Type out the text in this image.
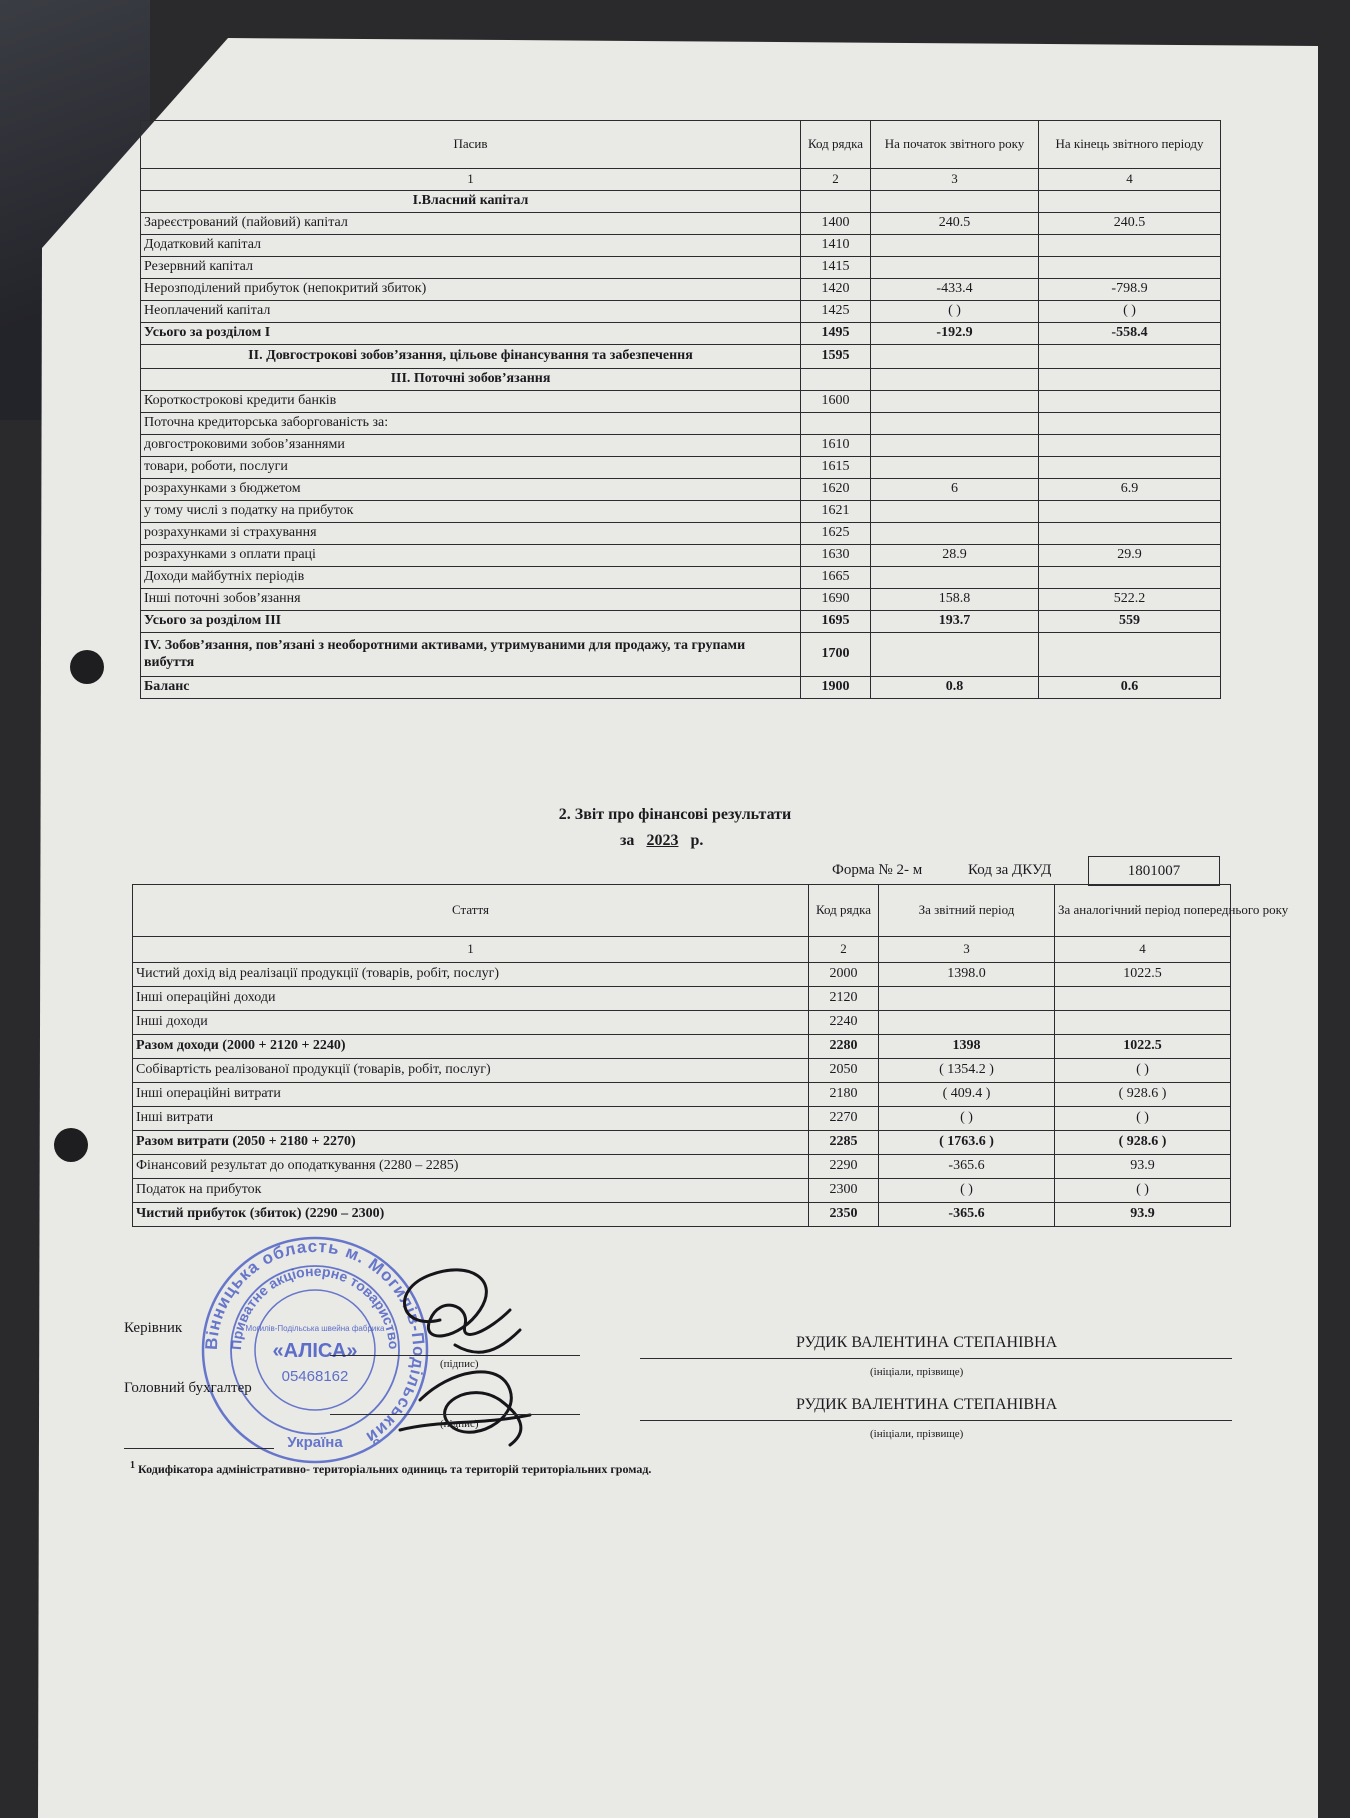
Пасив	Код рядка	На початок звітного року	На кінець звітного періоду
1	2	3	4
І.Власний капітал			
Зареєстрований (пайовий) капітал	1400	240.5	240.5
Додатковий капітал	1410		
Резервний капітал	1415		
Нерозподілений прибуток (непокритий збиток)	1420	-433.4	-798.9
Неоплачений капітал	1425	( )	( )
Усього за розділом I	1495	-192.9	-558.4
ІІ. Довгострокові зобов’язання, цільове фінансування та забезпечення	1595		
IІІ. Поточні зобов’язання			
Короткострокові кредити банків	1600		
Поточна кредиторська заборгованість за:			
довгостроковими зобов’язаннями	1610		
товари, роботи, послуги	1615		
розрахунками з бюджетом	1620	6	6.9
у тому числі з податку на прибуток	1621		
розрахунками зі страхування	1625		
розрахунками з оплати праці	1630	28.9	29.9
Доходи майбутніх періодів	1665		
Інші поточні зобов’язання	1690	158.8	522.2
Усього за розділом IІІ	1695	193.7	559
IV. Зобов’язання, пов’язані з необоротними активами, утримуваними для продажу, та групами вибуття	1700		
Баланс	1900	0.8	0.6
2. Звіт про фінансові результати
за 2023 р.
Форма № 2- м	Код за ДКУД	1801007
Стаття	Код рядка	За звітний період	За аналогічний період попереднього року
1	2	3	4
Чистий дохід від реалізації продукції (товарів, робіт, послуг)	2000	1398.0	1022.5
Інші операційні доходи	2120		
Інші доходи	2240		
Разом доходи (2000 + 2120 + 2240)	2280	1398	1022.5
Собівартість реалізованої продукції (товарів, робіт, послуг)	2050	( 1354.2 )	( )
Інші операційні витрати	2180	( 409.4 )	( 928.6 )
Інші витрати	2270	( )	( )
Разом витрати (2050 + 2180 + 2270)	2285	( 1763.6 )	( 928.6 )
Фінансовий результат до оподаткування (2280 – 2285)	2290	-365.6	93.9
Податок на прибуток	2300	( )	( )
Чистий прибуток (збиток) (2290 – 2300)	2350	-365.6	93.9
Вінницька область м. Могилів-Подільський
Приватне акціонерне товариство
Могилів-Подільська швейна фабрика
«АЛІСА»
05468162
Україна
Керівник
(підпис)
РУДИК ВАЛЕНТИНА СТЕПАНІВНА
(ініціали, прізвище)
Головний бухгалтер
(підпис)
РУДИК ВАЛЕНТИНА СТЕПАНІВНА
(ініціали, прізвище)
$^1$ Кодифікатора адміністративно- територіальних одиниць та територій територіальних громад.
